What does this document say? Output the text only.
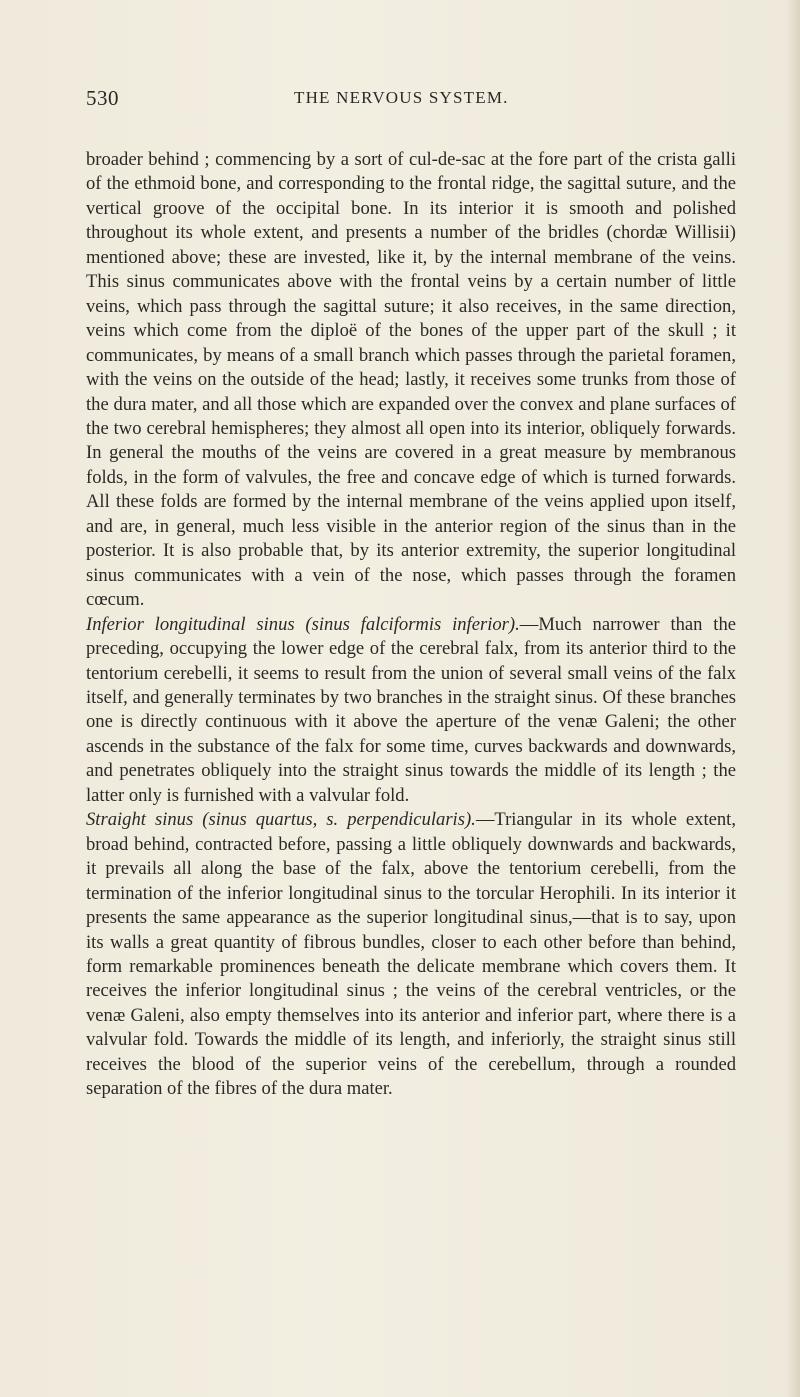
530	THE NERVOUS SYSTEM.

broader behind ; commencing by a sort of cul-de-sac at the fore part of the crista galli of the ethmoid bone, and corresponding to the frontal ridge, the sagittal suture, and the vertical groove of the occipital bone. In its interior it is smooth and polished throughout its whole extent, and presents a number of the bridles (chordæ Willisii) mentioned above; these are invested, like it, by the internal membrane of the veins. This sinus communicates above with the frontal veins by a certain number of little veins, which pass through the sagittal suture; it also receives, in the same direction, veins which come from the diploë of the bones of the upper part of the skull ; it communicates, by means of a small branch which passes through the parietal foramen, with the veins on the outside of the head; lastly, it receives some trunks from those of the dura mater, and all those which are expanded over the convex and plane surfaces of the two cerebral hemispheres; they almost all open into its interior, obliquely forwards. In general the mouths of the veins are covered in a great measure by membranous folds, in the form of valvules, the free and concave edge of which is turned forwards. All these folds are formed by the internal membrane of the veins applied upon itself, and are, in general, much less visible in the anterior region of the sinus than in the posterior. It is also probable that, by its anterior extremity, the superior longitudinal sinus communicates with a vein of the nose, which passes through the foramen cœcum.

Inferior longitudinal sinus (sinus falciformis inferior).—Much narrower than the preceding, occupying the lower edge of the cerebral falx, from its anterior third to the tentorium cerebelli, it seems to result from the union of several small veins of the falx itself, and generally terminates by two branches in the straight sinus. Of these branches one is directly continuous with it above the aperture of the venæ Galeni; the other ascends in the substance of the falx for some time, curves backwards and downwards, and penetrates obliquely into the straight sinus towards the middle of its length ; the latter only is furnished with a valvular fold.

Straight sinus (sinus quartus, s. perpendicularis).—Triangular in its whole extent, broad behind, contracted before, passing a little obliquely downwards and backwards, it prevails all along the base of the falx, above the tentorium cerebelli, from the termination of the inferior longitudinal sinus to the torcular Herophili. In its interior it presents the same appearance as the superior longitudinal sinus,—that is to say, upon its walls a great quantity of fibrous bundles, closer to each other before than behind, form remarkable prominences beneath the delicate membrane which covers them. It receives the inferior longitudinal sinus ; the veins of the cerebral ventricles, or the venæ Galeni, also empty themselves into its anterior and inferior part, where there is a valvular fold. Towards the middle of its length, and inferiorly, the straight sinus still receives the blood of the superior veins of the cerebellum, through a rounded separation of the fibres of the dura mater.
